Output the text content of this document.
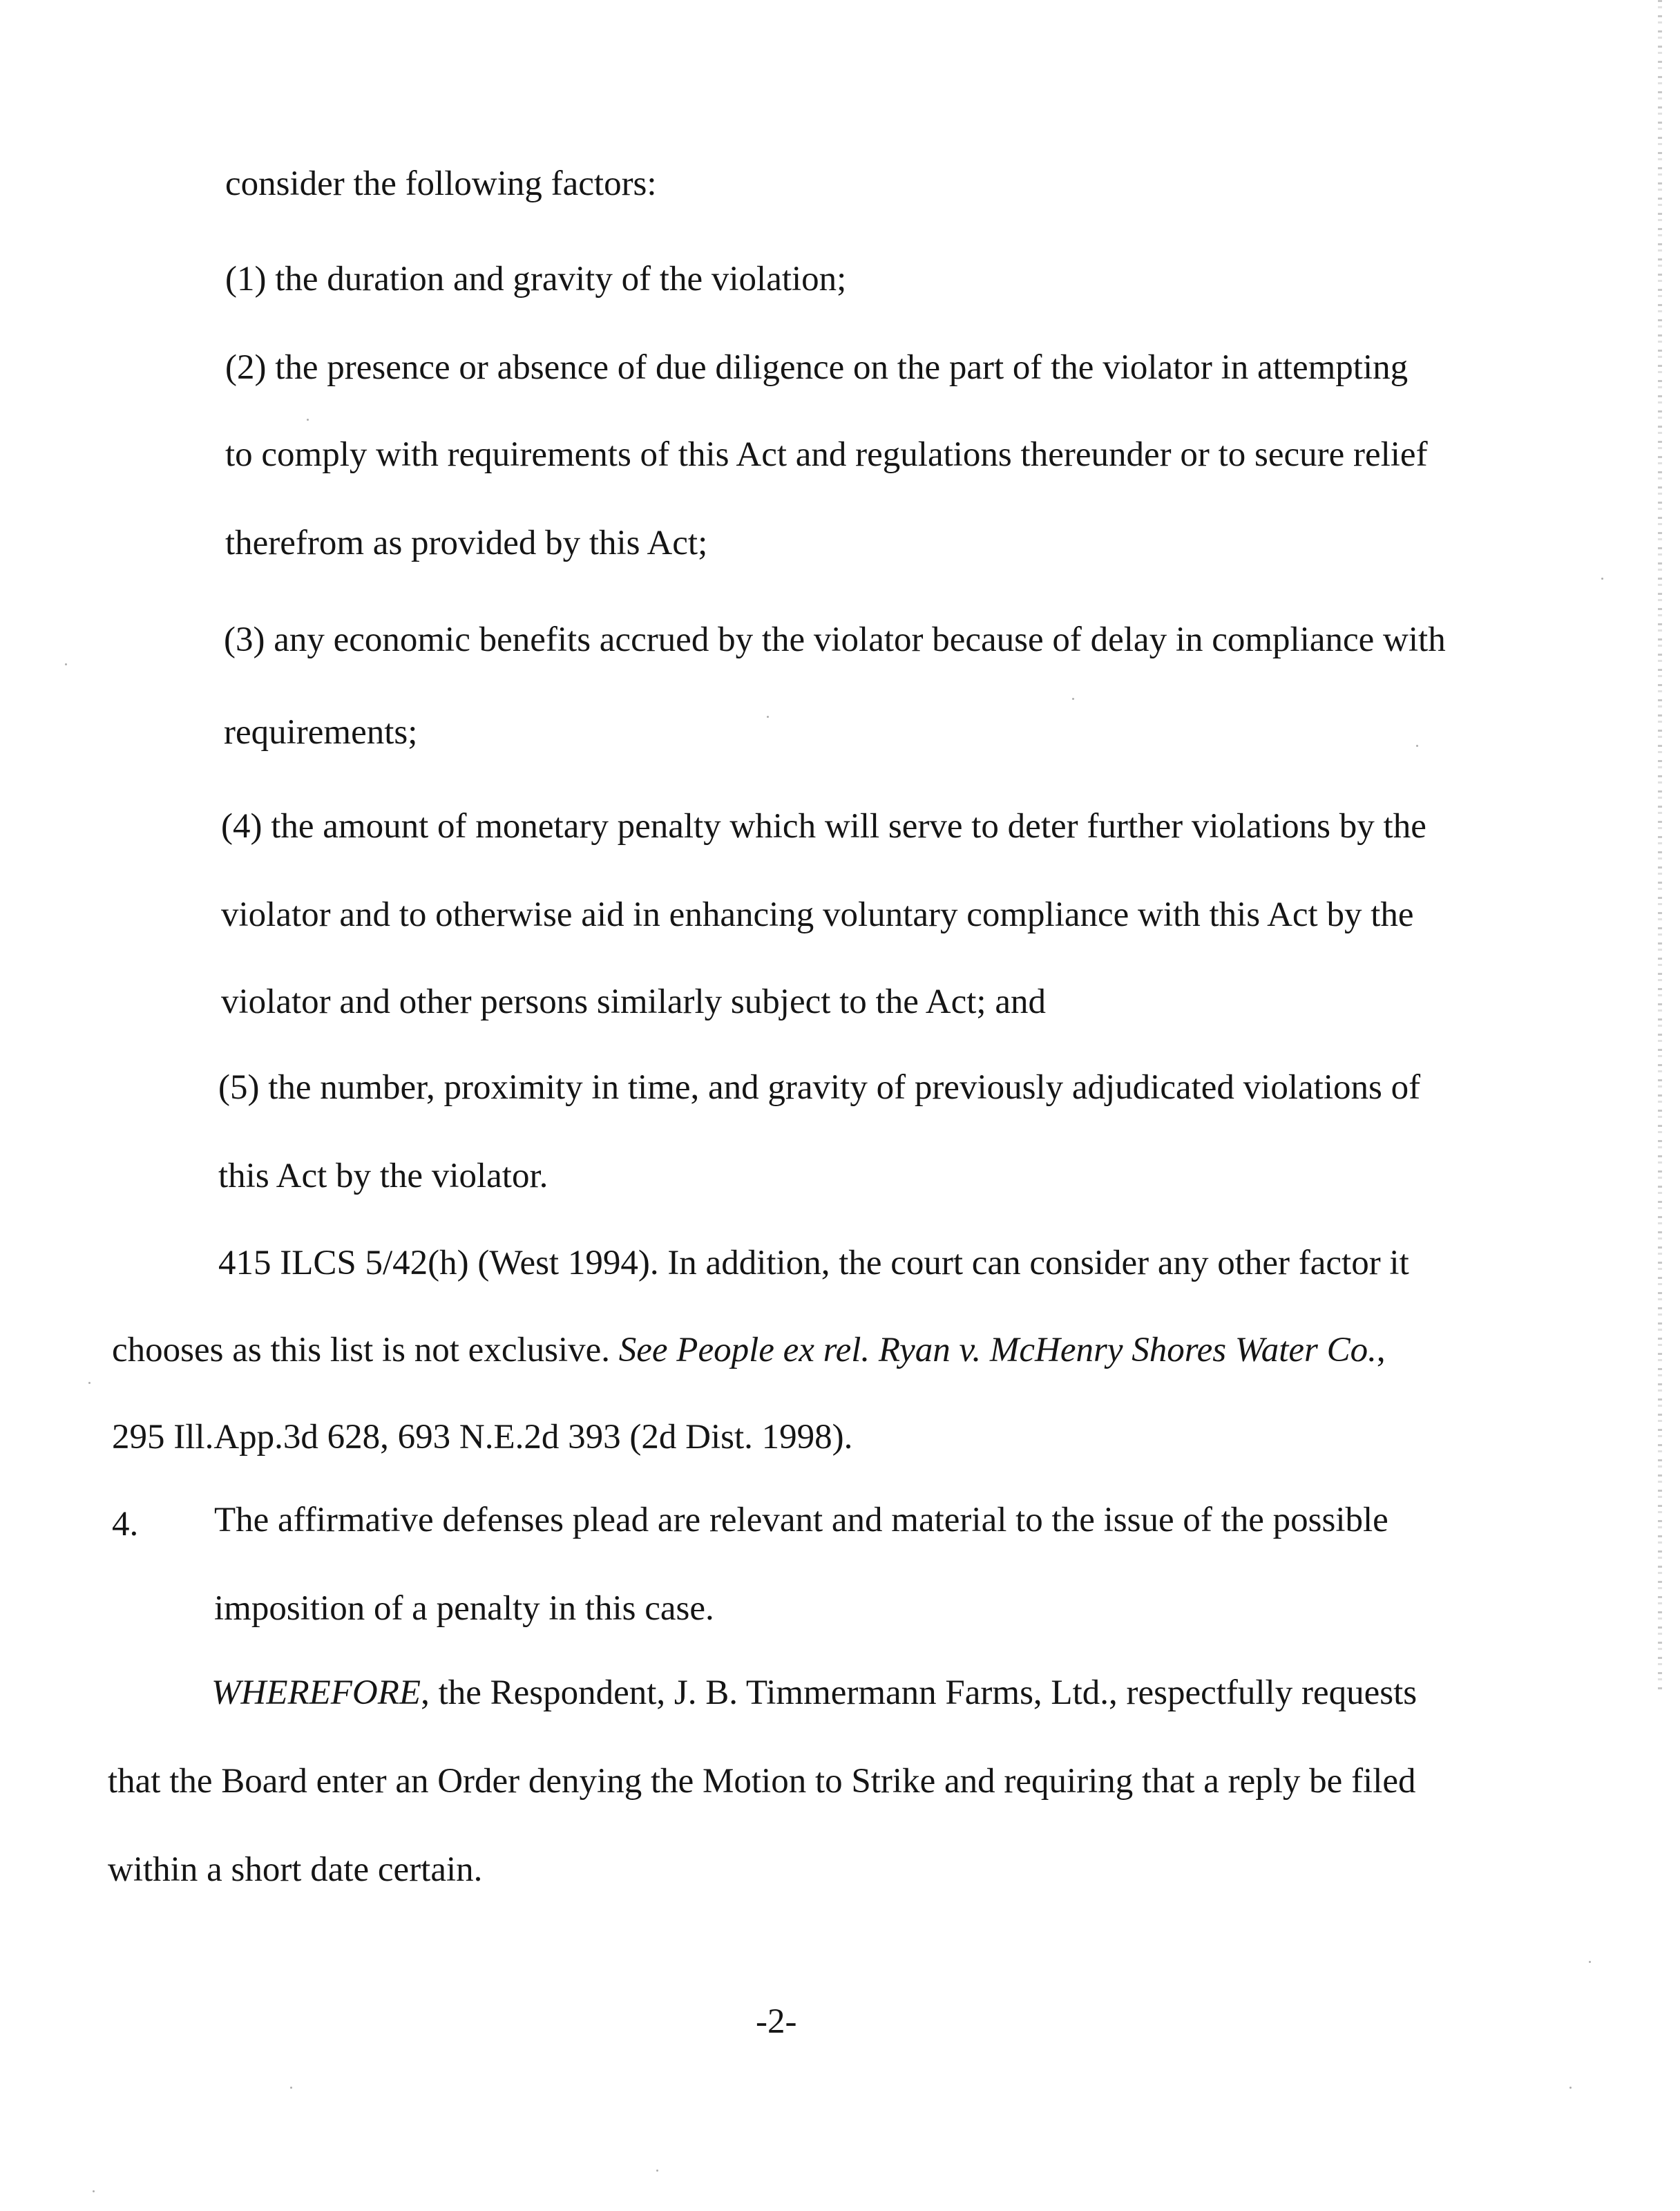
consider the following factors:
(1) the duration and gravity of the violation;
(2) the presence or absence of due diligence on the part of the violator in attempting
to comply with requirements of this Act and regulations thereunder or to secure relief
therefrom as provided by this Act;
(3) any economic benefits accrued by the violator because of delay in compliance with
requirements;
(4) the amount of monetary penalty which will serve to deter further violations by the
violator and to otherwise aid in enhancing voluntary compliance with this Act by the
violator and other persons similarly subject to the Act; and
(5) the number, proximity in time, and gravity of previously adjudicated violations of
this Act by the violator.
415 ILCS 5/42(h) (West 1994). In addition, the court can consider any other factor it
chooses as this list is not exclusive. See People ex rel. Ryan v. McHenry Shores Water Co.,
295 Ill.App.3d 628, 693 N.E.2d 393 (2d Dist. 1998).
4. The affirmative defenses plead are relevant and material to the issue of the possible
imposition of a penalty in this case.
WHEREFORE, the Respondent, J. B. Timmermann Farms, Ltd., respectfully requests
that the Board enter an Order denying the Motion to Strike and requiring that a reply be filed
within a short date certain.
-2-
